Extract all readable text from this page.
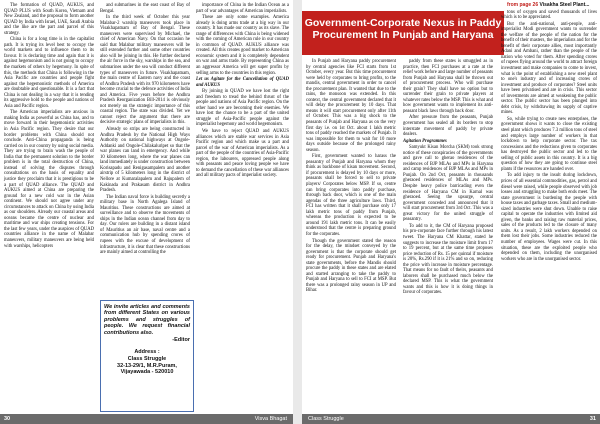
The formation of QUAD, AUKUS, and QUAD PLUS with South Korea, Vietnam and New Zealand, and the proposal to form another QUAD by India with Israel, UAE, Saudi Arabia and the like are the part and parcel of this strategy.

China is for a long time is in the capitalist path. It is trying its level best to occupy the world markets and to influence them to its favour. It is declaring time and again that it is against hegemonism and is not going to occupy the markets of others by hegemony. In spite of this, the methods that China is following in the Asia Pacific are countries and people fight against the hegemonistic methods of America are doubtable and questionable. It is a fact that China is not dealing in a way that it is tending its aggressive hold to the people and nations of Asia and Pacific region.

The American imperialists are anxious in making India as powerful as China has, and to move forward in their hegemonistic activities in Asia Pacific region. They desire that our border problems with China should not conclude. Anti-China propaganda is being carried on in our country by using social media. They are trying to brain wash the people of India that the permanent solution to the border problem is in the total destruction of China, instead of solving the disputes through consultations on the basis of equality and justice they proclaim that it is prestigious to be a part of QUAD alliance. The QUAD and AUKUS aimed at China are preparing the ground for a new cold war in the Asian continent. We should not agree under any circumstances to attack on China by using India as our shoulders. Already our coastal areas and oceans became the centre of nuclear and maritime and war ships creating tensions. For the last few years, under the auspices of QUAD countries alliance in the name of Malabar maneuvers, military maneuvers are being held with warships, helicopters

and submarines in the east coast of Bay of Bengal.

In the third week of October this year Malabar-2 warship maneuvers took place in Visakhapatnam of Bay of Bengal. These maneuvers were supervised by Michael, the chief of American Navy. On that occasion he said that Malabar military maneuvers will be still extended further and some other countries also will be joining in this. He further declared the air force in the sky, warships in the sea, and submarines under the sea will conduct different types of maneuvers in future. Visakhapatnam, the main centre of Eastern navy and the coast of Andhra Pradesh with its 970 kilometers have become crucial to the defence activities of India and America. Five years before the Andhra Pradesh Reorganization Bill-2014 is obviously not merely on the strategic importance of this coastal region. The state was divided. Yet we cannot reject the argument that there are decisive strategic plans of imperialists in this.

Already so strips are being constructed in Andhra Pradesh by the National High Ways Authority on national highways at Ongole-Addanki and Ongole-Chilakaluripet so that the war planes can land in emergency. And while 10 kilometers long, where the war planes can land immediately is under construction between Korisapadu and Renigasampalem and another airstrip of 5 kilometers long in the district of Nellore at Kumaralapalem and Rajupalem of Kakinada and Prakasam district in Andhra Pradesh.

The Indian naval force is building secretly a military base in North Agalega Island of Mauritius. These constructions are aimed at surveillance and to observe the movements of ships in the Indian ocean channel from day to day. Our rulers are building in a distant island of Mauritius an air base, naval centre and a communication hub by spending crores of rupees with the excuse of development of infrastructure, it is clear that these constructions are mainly aimed at controlling the

importance of China in the Indian Ocean as a part of war advantages of American imperialists.

These are only some examples. America already is doing arms trade at a big way in our country. It has made our country as its slave. The range of differences with China is being widened with the coming of American rule in our country in common of QUAD. AUKUS alliance was created. All this creates good market to American economic system and it is completely dependent on war and arms trade. By representing China as an aggressor America will get super profits by selling arms to the countries in this region.

Let us Agitate for the Cancellation of QUAD and AUKUS

By joining in QUAD we have lost the right and freedom to tread the behind thrust of the people and nations of Asia Pacific region. On the other hand we are becoming their enemies. We have lost the chance to be a part of the united struggle of Asia-Pacific people against the imperialist hegemony and world hegemonism.

We have to reject QUAD and AUKUS alliances which are stable war services in Asia Pacific region and which make us a part and parcel of the war of American imperialists. As a part of the people of the countries of Asia-Pacific region, the labourers, oppressed people along with peasants and peace loving people we have to demand the cancellation of these war alliances and all military pacts of imperialist society.

We invite articles and comments from different States on various problems and struggles of people. We request financial contributions also.
-Editor
Address :
Class Struggle
32-13-29/1, M.R.Puram,
Vijayawada - 520010
30	Visva Bhagat
Government-Corporate Nexus in Paddy
Procurement In Punjab and Haryana

In Punjab and Haryana paddy procurement by central agencies like FCI starts from 1st October, every year. But this time procurement were held by corporates to bring profits, to the mandis, central government in order to cancel the procurement plan. It wanted that due to the rains, the monsoon was extended. In this context, the central government declared that it will delay the procurement by 10 days. That means it will start procurement only after 11th of October. This was a big shock to the peasants of Punjab and Haryana as on the very first day i.e. on 1st Oct. about 1 lakh metric tons of paddy reached the markets of Punjab. It was impossible for them to wait for 10 more days outside because of the prolonged rainy season.

First, government wanted to harass the peasantry of Punjab and Haryana whom they think as backbone of kisan movement. Second, if procurement is delayed by 10 days or more, peasants shall be forced to sell to private players/ Corporates below MSP. If so, centre can bring corporates into paddy purchase, through back door, which is one of the main agendas of the three agriculture laws. Third, FCI has written that it shall purchase only 17 lakh metric tons of paddy from Punjab, whereas the production is expected to be around 191 lakh metric tons. It can be easily understood that the centre is preparing ground for the corporates.

Though the government stated the reason for the delay, the mindset conveyed by the government is that the corporate should get ready for procurement. Punjab and Haryana's state governments, before the Mandis should procure the paddy in these states and are elated and started arranging to take the paddy to Punjab and Haryana to sell to FCI at MSP. But there was a prolonged rainy season in UP and Bihar.

paddy from these states is smuggled as in practice, then FCI purchases at a rate at the relief work before and large number of peasants from Punjab and Haryana shall be thrown out of procurement process. Who will purchase their grain? They shall have no option but to surrender their grain to private players at whatever rates below the MSP. This is what and how government wants to implement its anti-peasant black laws through back door.

After pressure from the peasants, Punjab government has sealed all its borders to stop interstate movement of paddy by private dealers.

Agitation Programmes

Samyukt Kisan Morcha (SKM) took strong notice of these conspiracies of the governments and gave call to gherao residences of the residences of BJP MLAs and MPs in Haryana and camp residences of BJP MLAs and MPs in Punjab. On 2nd Oct, peasants in thousands gheraoed residences of MLAs and MPs. Despite heavy police barricading even the residence of Haryana CM in Karnal was gheraoed. Seeing the upsurge, central government conceded and announced that it will start procurement from 3rd Oct. This was a great victory for the united struggle of peasantry.

To add to it, the CM of Haryana proposed his pro-corporate face further through his latest tweet. The Haryana CM Khattar, stated he suggests to increase the moisture limit from 17 to 19 percent, but at the same time proposes price reduction of Rs. 15 per quintal if moisture is 20%, Rs.290 if it is 21% and so on, reducing the price with increase in moisture percentage. That means for no fault of theirs, peasants and laborers shall be purchased much below the declared MSP. This is what the government wants and this is how it is doing things in favour of corporates.

from page 26 Visakha Steel Plant...

tons of oxygen and saved thousands of lives which is to be appreciated.

But the anti-national, anti-people, anti-imperialist Modi government wants to surrender the welfare of the people of the nation for the benefit of their masters, the imperialists and for the benefit of their corporate allies, most importantly Adani and Ambani, rather than the people of the nation who voted for them. After spending crores of rupees flying around the world to attract foreign investment and make companies to come to invest, what is the point of establishing a new steel plant to one's industry and of increasing crores of investment and produce of corporates? Steel units have been privatised and are in crisis. This sector of investments are aimed at weakening the public sector. The public sector has been plunged into debt crisis, by withdrawing its supply of captive mines.

So, while trying to create new enterprises, the government shows it wants to close the existing steel plant which produces 7.3 million tons of steel and employs large number of workers in that lockdown to help corporate sector. The tax concessions and the reductions given to corporates has destroyed the public sector and led to the selling of public assets in this country. It is a big question of how they are going to continue steel plants if the resources are handed over.

To add injury to the insult during lockdown, prices of all essential commodities, gas, petrol and diesel were raised, while people observed with job losses and struggling to make both ends meet. The state government is burdening the people with house taxes and garbage taxes. Small and medium-sized industries were shut down. Unable to raise capital to operate the industries with limited aid given, the banks and raising raw material prices, sales of the products led to the closure of many units. As a result, 2 lakh workers depended on them lost their jobs. Some industries reduced the number of employees. Wages were cut. In this situation, these are the exploited people who depended on them, including the unorganised workers who are in the unorganised sector.

Class Struggle	31
